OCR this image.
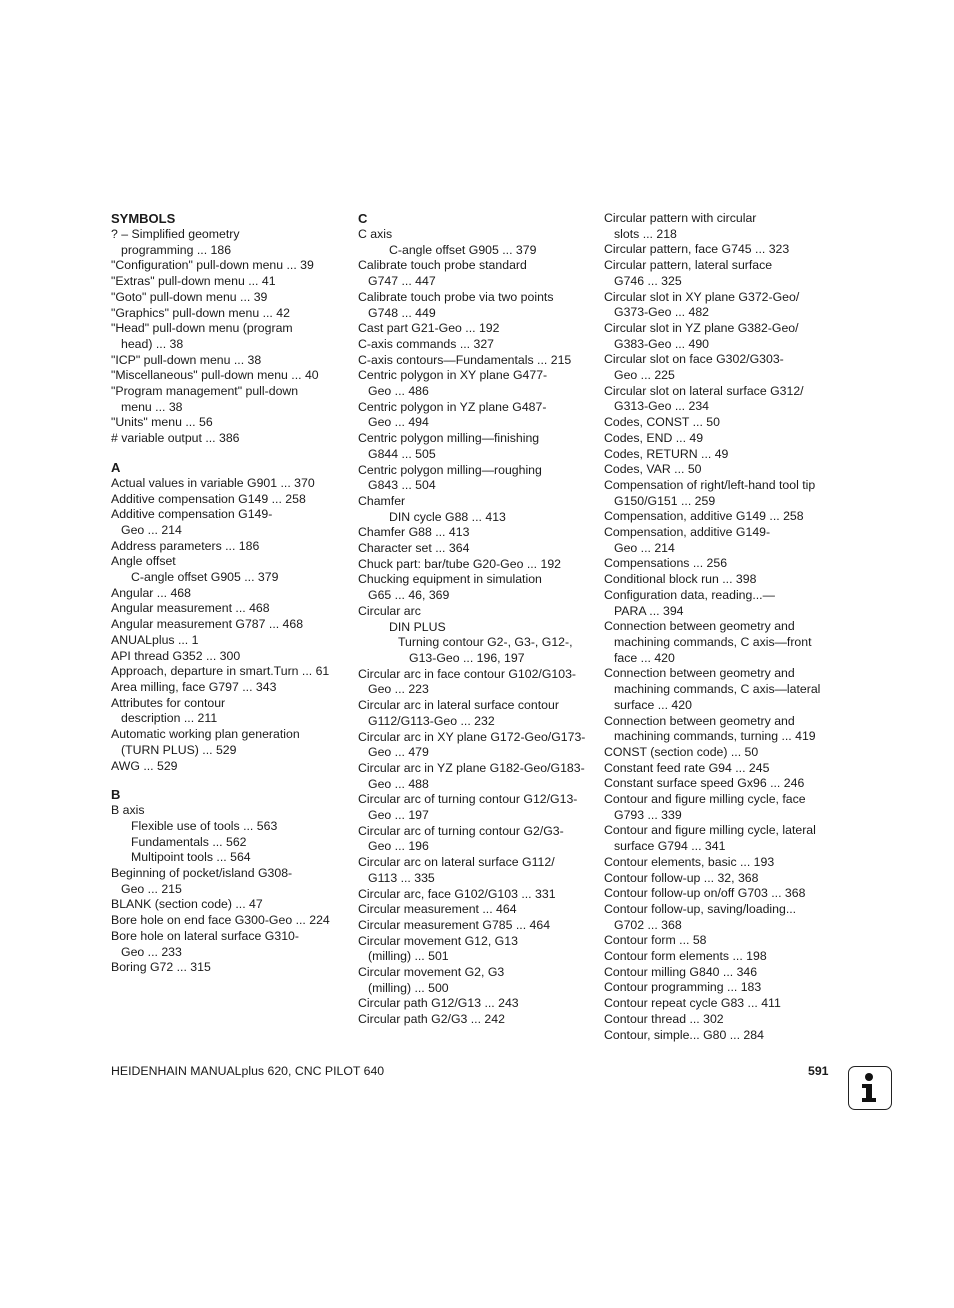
SYMBOLS
? – Simplified geometry
programming ... 186
"Configuration" pull-down menu ... 39
"Extras" pull-down menu ... 41
"Goto" pull-down menu ... 39
"Graphics" pull-down menu ... 42
"Head" pull-down menu (program
head) ... 38
"ICP" pull-down menu ... 38
"Miscellaneous" pull-down menu ... 40
"Program management" pull-down
menu ... 38
"Units" menu ... 56
# variable output ... 386
A
Actual values in variable G901 ... 370
Additive compensation G149 ... 258
Additive compensation G149-
Geo ... 214
Address parameters ... 186
Angle offset
C-angle offset G905 ... 379
Angular ... 468
Angular measurement ... 468
Angular measurement G787 ... 468
ANUALplus ... 1
API thread G352 ... 300
Approach, departure in smart.Turn ... 61
Area milling, face G797 ... 343
Attributes for contour
description ... 211
Automatic working plan generation
(TURN PLUS) ... 529
AWG ... 529
B
B axis
Flexible use of tools ... 563
Fundamentals ... 562
Multipoint tools ... 564
Beginning of pocket/island G308-
Geo ... 215
BLANK (section code) ... 47
Bore hole on end face G300-Geo ... 224
Bore hole on lateral surface G310-
Geo ... 233
Boring G72 ... 315
C
C axis
C-angle offset G905 ... 379
Calibrate touch probe standard
G747 ... 447
Calibrate touch probe via two points
G748 ... 449
Cast part G21-Geo ... 192
C-axis commands ... 327
C-axis contours—Fundamentals ... 215
Centric polygon in XY plane G477-
Geo ... 486
Centric polygon in YZ plane G487-
Geo ... 494
Centric polygon milling—finishing
G844 ... 505
Centric polygon milling—roughing
G843 ... 504
Chamfer
DIN cycle G88 ... 413
Chamfer G88 ... 413
Character set ... 364
Chuck part: bar/tube G20-Geo ... 192
Chucking equipment in simulation
G65 ... 46, 369
Circular arc
DIN PLUS
Turning contour G2-, G3-, G12-,
G13-Geo ... 196, 197
Circular arc in face contour G102/G103-
Geo ... 223
Circular arc in lateral surface contour
G112/G113-Geo ... 232
Circular arc in XY plane G172-Geo/G173-
Geo ... 479
Circular arc in YZ plane G182-Geo/G183-
Geo ... 488
Circular arc of turning contour G12/G13-
Geo ... 197
Circular arc of turning contour G2/G3-
Geo ... 196
Circular arc on lateral surface G112/
G113 ... 335
Circular arc, face G102/G103 ... 331
Circular measurement ... 464
Circular measurement G785 ... 464
Circular movement G12, G13
(milling) ... 501
Circular movement G2, G3
(milling) ... 500
Circular path G12/G13 ... 243
Circular path G2/G3 ... 242
Circular pattern with circular
slots ... 218
Circular pattern, face G745 ... 323
Circular pattern, lateral surface
G746 ... 325
Circular slot in XY plane G372-Geo/
G373-Geo ... 482
Circular slot in YZ plane G382-Geo/
G383-Geo ... 490
Circular slot on face G302/G303-
Geo ... 225
Circular slot on lateral surface G312/
G313-Geo ... 234
Codes, CONST ... 50
Codes, END ... 49
Codes, RETURN ... 49
Codes, VAR ... 50
Compensation of right/left-hand tool tip
G150/G151 ... 259
Compensation, additive G149 ... 258
Compensation, additive G149-
Geo ... 214
Compensations ... 256
Conditional block run ... 398
Configuration data, reading...—
PARA ... 394
Connection between geometry and
machining commands, C axis—front
face ... 420
Connection between geometry and
machining commands, C axis—lateral
surface ... 420
Connection between geometry and
machining commands, turning ... 419
CONST (section code) ... 50
Constant feed rate G94 ... 245
Constant surface speed Gx96 ... 246
Contour and figure milling cycle, face
G793 ... 339
Contour and figure milling cycle, lateral
surface G794 ... 341
Contour elements, basic ... 193
Contour follow-up ... 32, 368
Contour follow-up on/off G703 ... 368
Contour follow-up, saving/loading...
G702 ... 368
Contour form ... 58
Contour form elements ... 198
Contour milling G840 ... 346
Contour programming ... 183
Contour repeat cycle G83 ... 411
Contour thread ... 302
Contour, simple... G80 ... 284
HEIDENHAIN MANUALplus 620, CNC PILOT 640	591
